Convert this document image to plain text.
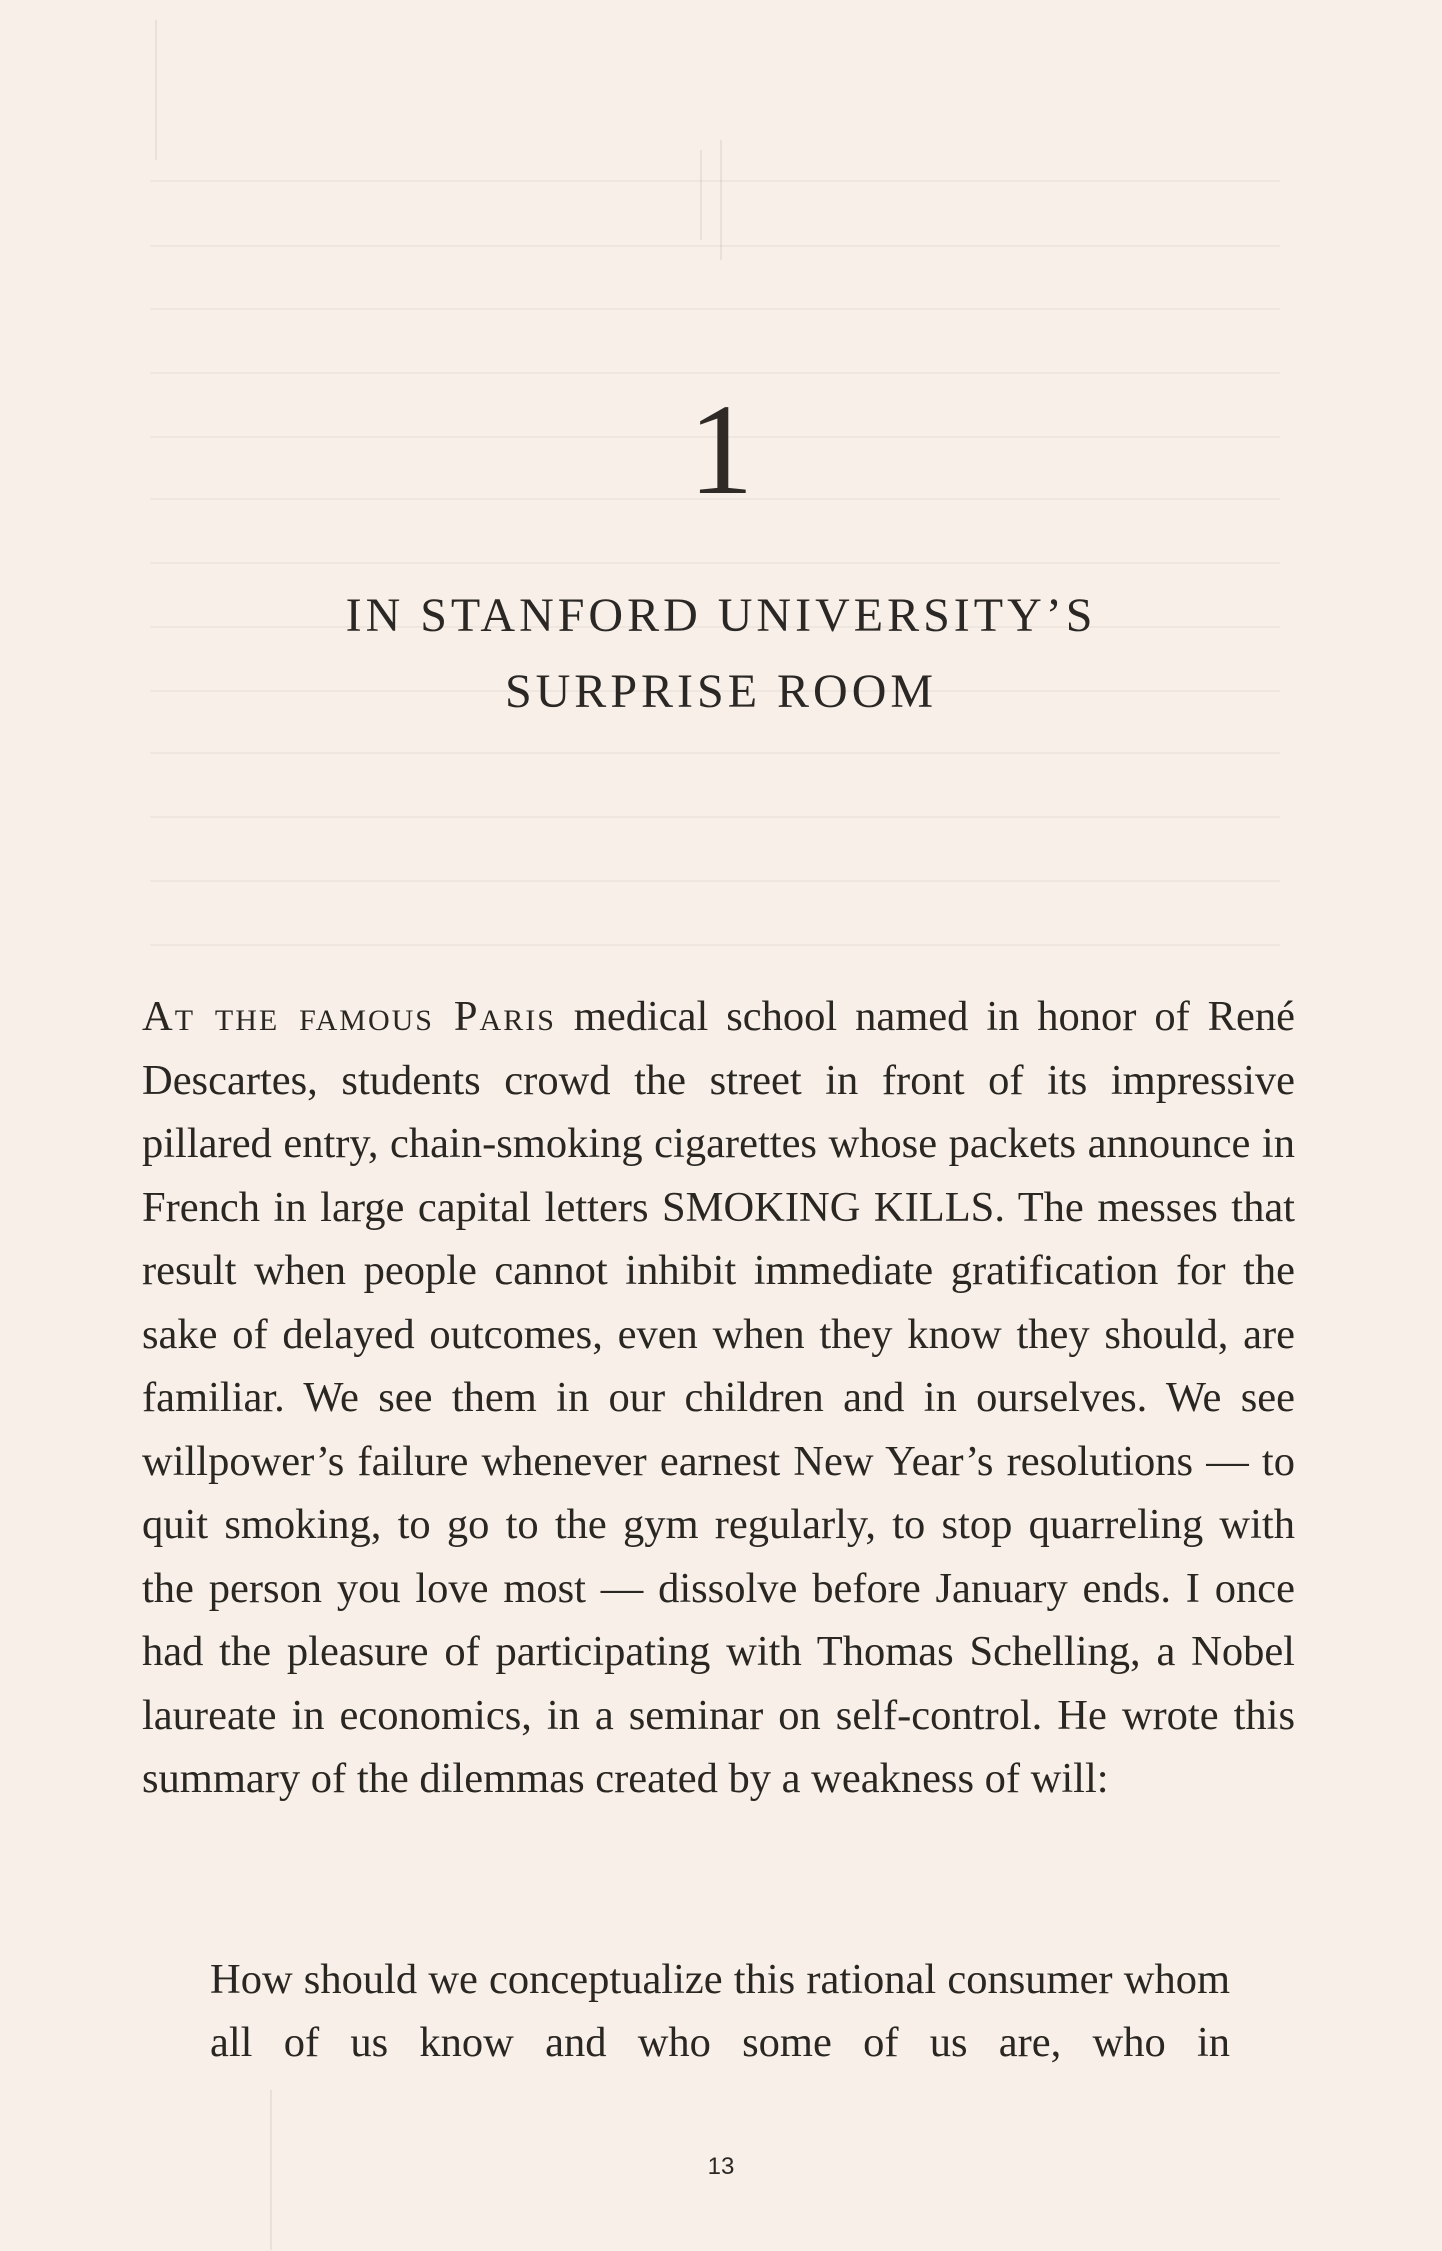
1
IN STANFORD UNIVERSITY’S
SURPRISE ROOM
At the famous Paris medical school named in honor of René Descartes, students crowd the street in front of its impressive pillared entry, chain-smoking cigarettes whose packets announce in French in large capital letters SMOKING KILLS. The messes that result when people cannot inhibit immediate gratification for the sake of delayed outcomes, even when they know they should, are familiar. We see them in our children and in ourselves. We see willpower’s failure whenever earnest New Year’s resolutions — to quit smoking, to go to the gym regularly, to stop quarreling with the person you love most — dissolve before January ends. I once had the pleasure of participating with Thomas Schelling, a Nobel laureate in economics, in a seminar on self-control. He wrote this summary of the dilemmas created by a weakness of will:
How should we conceptualize this rational consumer whom all of us know and who some of us are, who in
13
